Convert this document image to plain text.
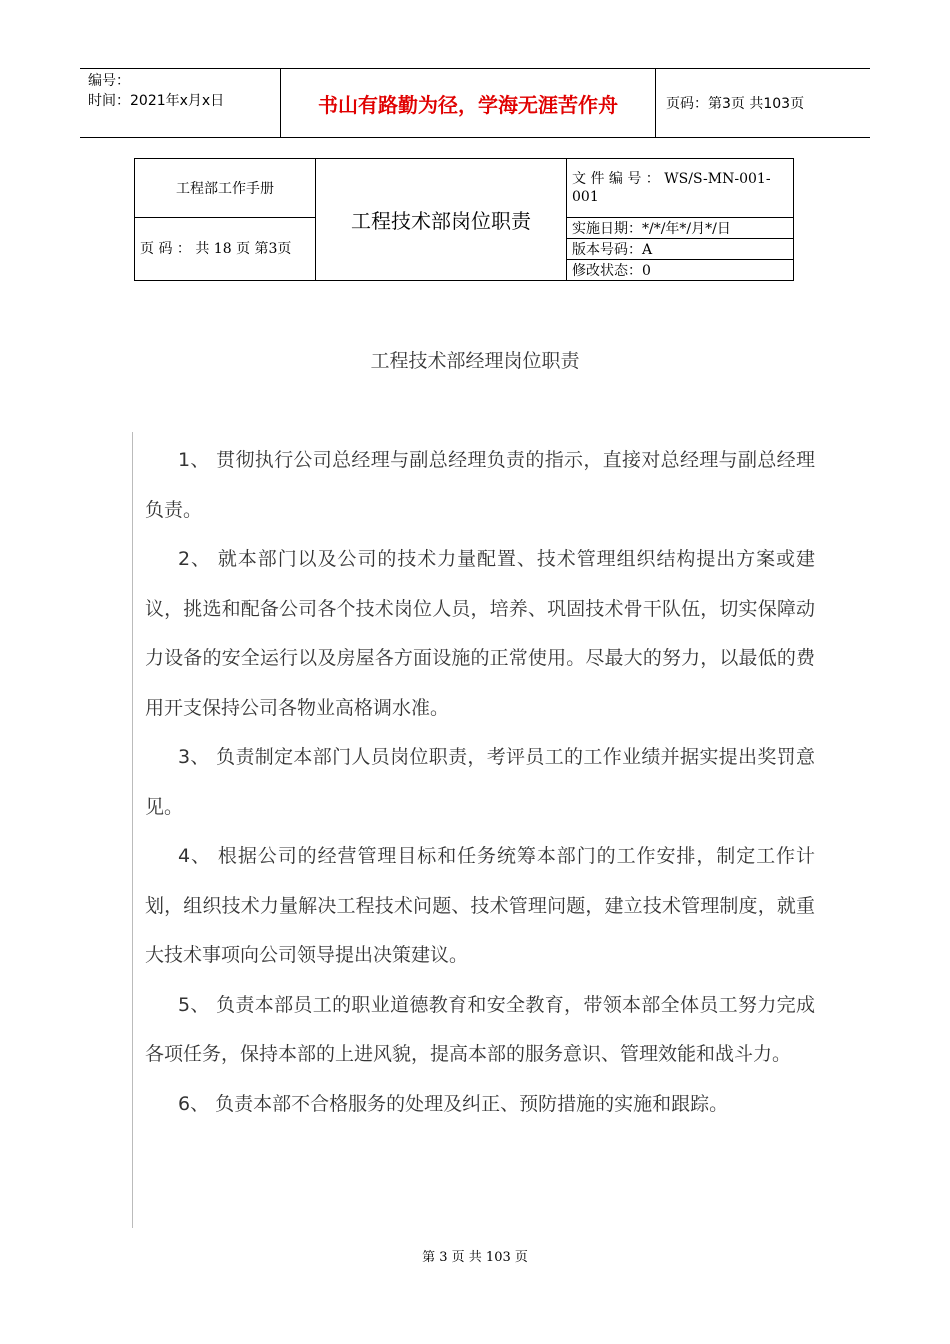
编号：
时间：2021年x月x日	书山有路勤为径，学海无涯苦作舟	页码：第3页 共103页
工程部工作手册	工程技术部岗位职责	文 件 编 号 ： WS/S-MN-001-001
页 码 ： 共 18 页 第3页		实施日期：*/*/年*/月*/日
		版本号码：A
		修改状态：0
工程技术部经理岗位职责

1、 贯彻执行公司总经理与副总经理负责的指示，直接对总经理与副总经理负责。

2、 就本部门以及公司的技术力量配置、技术管理组织结构提出方案或建议，挑选和配备公司各个技术岗位人员，培养、巩固技术骨干队伍，切实保障动力设备的安全运行以及房屋各方面设施的正常使用。尽最大的努力，以最低的费用开支保持公司各物业高格调水准。

3、 负责制定本部门人员岗位职责，考评员工的工作业绩并据实提出奖罚意见。

4、 根据公司的经营管理目标和任务统筹本部门的工作安排，制定工作计划，组织技术力量解决工程技术问题、技术管理问题，建立技术管理制度，就重大技术事项向公司领导提出决策建议。

5、 负责本部员工的职业道德教育和安全教育，带领本部全体员工努力完成各项任务，保持本部的上进风貌，提高本部的服务意识、管理效能和战斗力。

6、 负责本部不合格服务的处理及纠正、预防措施的实施和跟踪。

第 3 页 共 103 页
